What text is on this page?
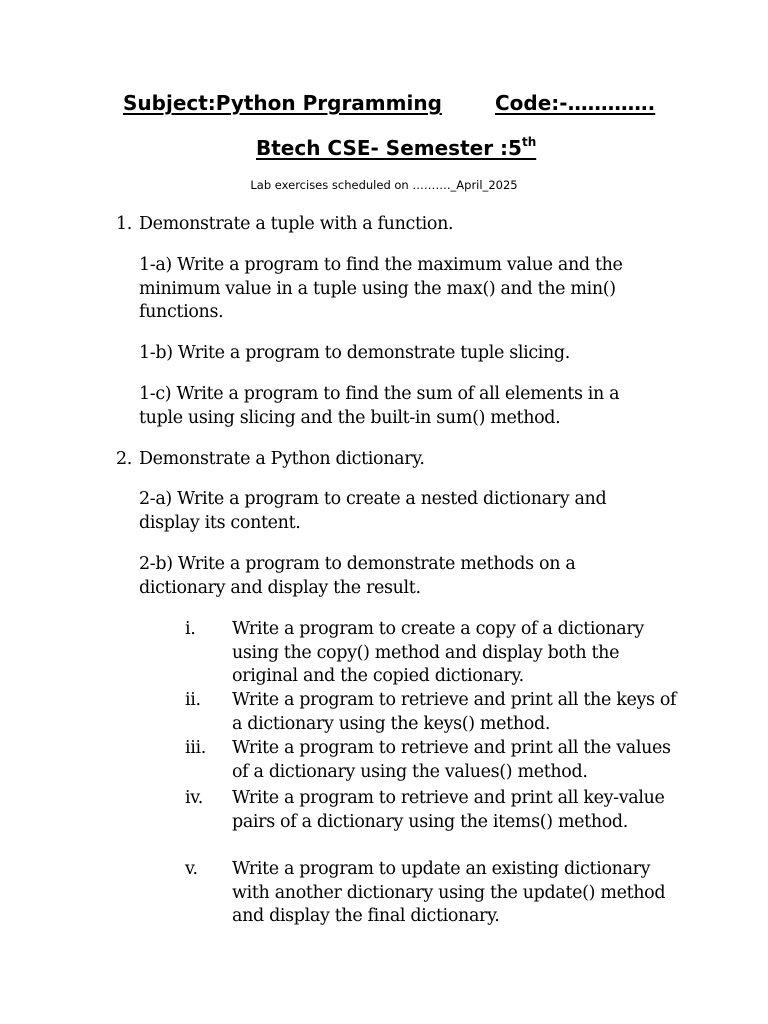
Subject:Python Prgramming	Code:-………….
Btech CSE- Semester :5th
Lab exercises scheduled on ………._April_2025
1. Demonstrate a tuple with a function.

1-a) Write a program to find the maximum value and the minimum value in a tuple using the max() and the min() functions.

1-b) Write a program to demonstrate tuple slicing.

1-c) Write a program to find the sum of all elements in a tuple using slicing and the built-in sum() method.

2. Demonstrate a Python dictionary.

2-a) Write a program to create a nested dictionary and display its content.

2-b) Write a program to demonstrate methods on a dictionary and display the result.

i.	Write a program to create a copy of a dictionary using the copy() method and display both the original and the copied dictionary.

ii.	Write a program to retrieve and print all the keys of a dictionary using the keys() method.

iii.	Write a program to retrieve and print all the values of a dictionary using the values() method.

iv.	Write a program to retrieve and print all key-value pairs of a dictionary using the items() method.

v.	Write a program to update an existing dictionary with another dictionary using the update() method and display the final dictionary.
